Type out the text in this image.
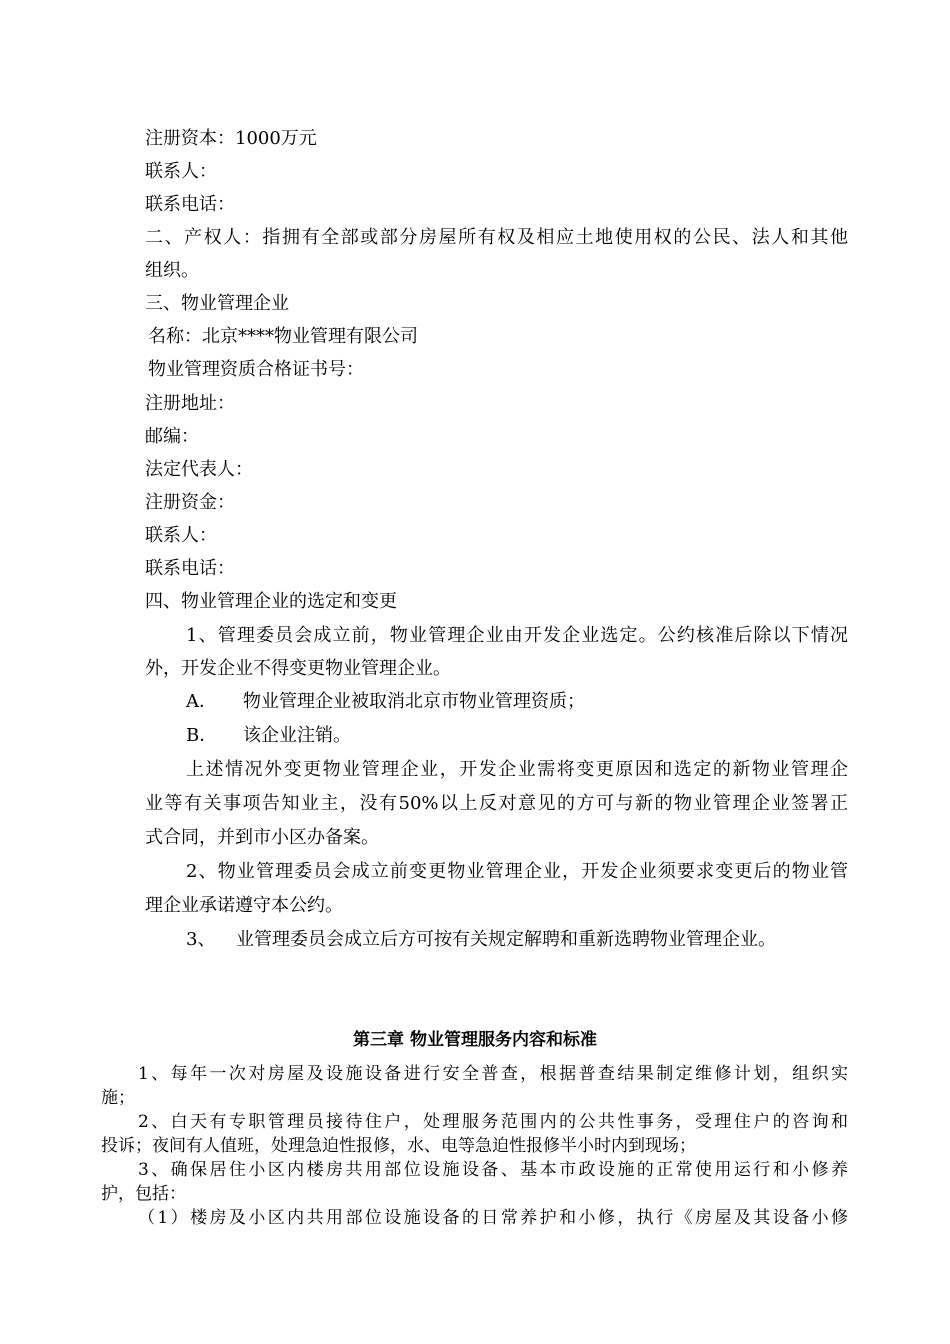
注册资本：1000万元
联系人：
联系电话：
二、产权人：指拥有全部或部分房屋所有权及相应土地使用权的公民、法人和其他
组织。
三、物业管理企业
名称：北京****物业管理有限公司
物业管理资质合格证书号：
注册地址：
邮编：
法定代表人：
注册资金：
联系人：
联系电话：
四、物业管理企业的选定和变更
1、管理委员会成立前，物业管理企业由开发企业选定。公约核准后除以下情况
外，开发企业不得变更物业管理企业。
A． 物业管理企业被取消北京市物业管理资质；
B． 该企业注销。
上述情况外变更物业管理企业，开发企业需将变更原因和选定的新物业管理企
业等有关事项告知业主，没有50%以上反对意见的方可与新的物业管理企业签署正
式合同，并到市小区办备案。
2、物业管理委员会成立前变更物业管理企业，开发企业须要求变更后的物业管
理企业承诺遵守本公约。
3、 业管理委员会成立后方可按有关规定解聘和重新选聘物业管理企业。
第三章 物业管理服务内容和标准
1、每年一次对房屋及设施设备进行安全普查，根据普查结果制定维修计划，组织实
施；
2、白天有专职管理员接待住户，处理服务范围内的公共性事务，受理住户的咨询和
投诉；夜间有人值班，处理急迫性报修，水、电等急迫性报修半小时内到现场；
3、确保居住小区内楼房共用部位设施设备、基本市政设施的正常使用运行和小修养
护，包括：
（1）楼房及小区内共用部位设施设备的日常养护和小修，执行《房屋及其设备小修
